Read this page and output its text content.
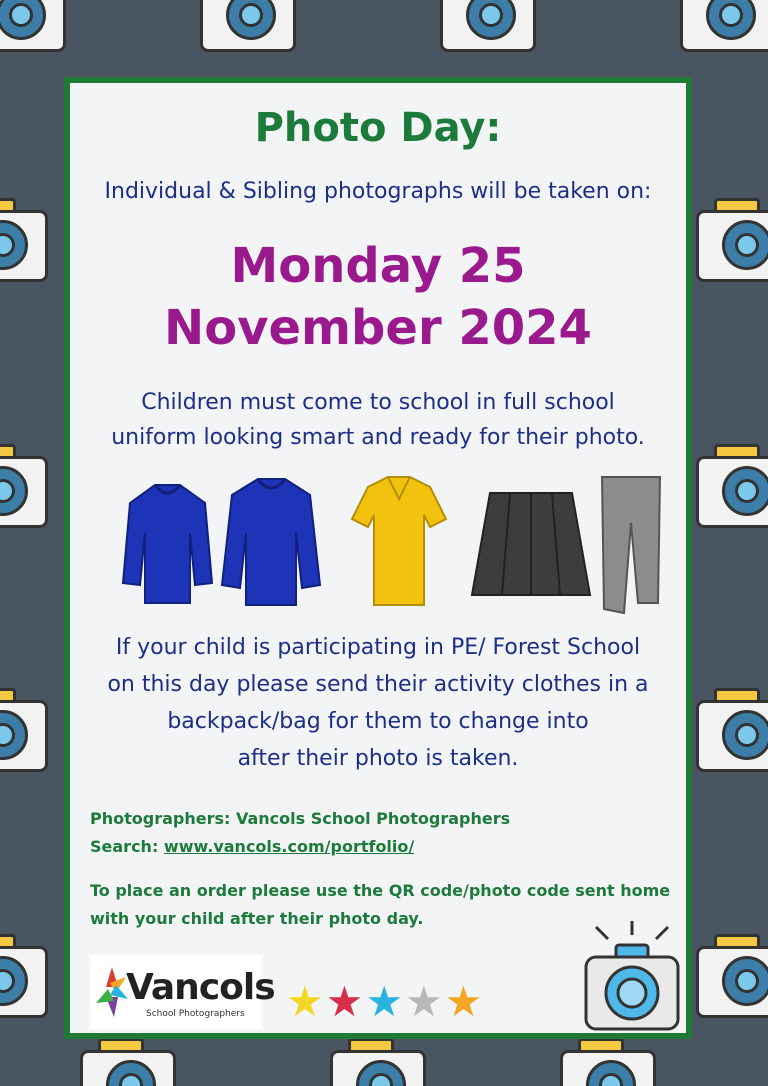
Photo Day:
Individual & Sibling photographs will be taken on:
Monday 25
November 2024
Children must come to school in full school
uniform looking smart and ready for their photo.
If your child is participating in PE/ Forest School
on this day please send their activity clothes in a
backpack/bag for them to change into
after their photo is taken.
Photographers: Vancols School Photographers
Search: www.vancols.com/portfolio/
To place an order please use the QR code/photo code sent home with your child after their photo day.
Vancols
School Photographers ★★★★★
